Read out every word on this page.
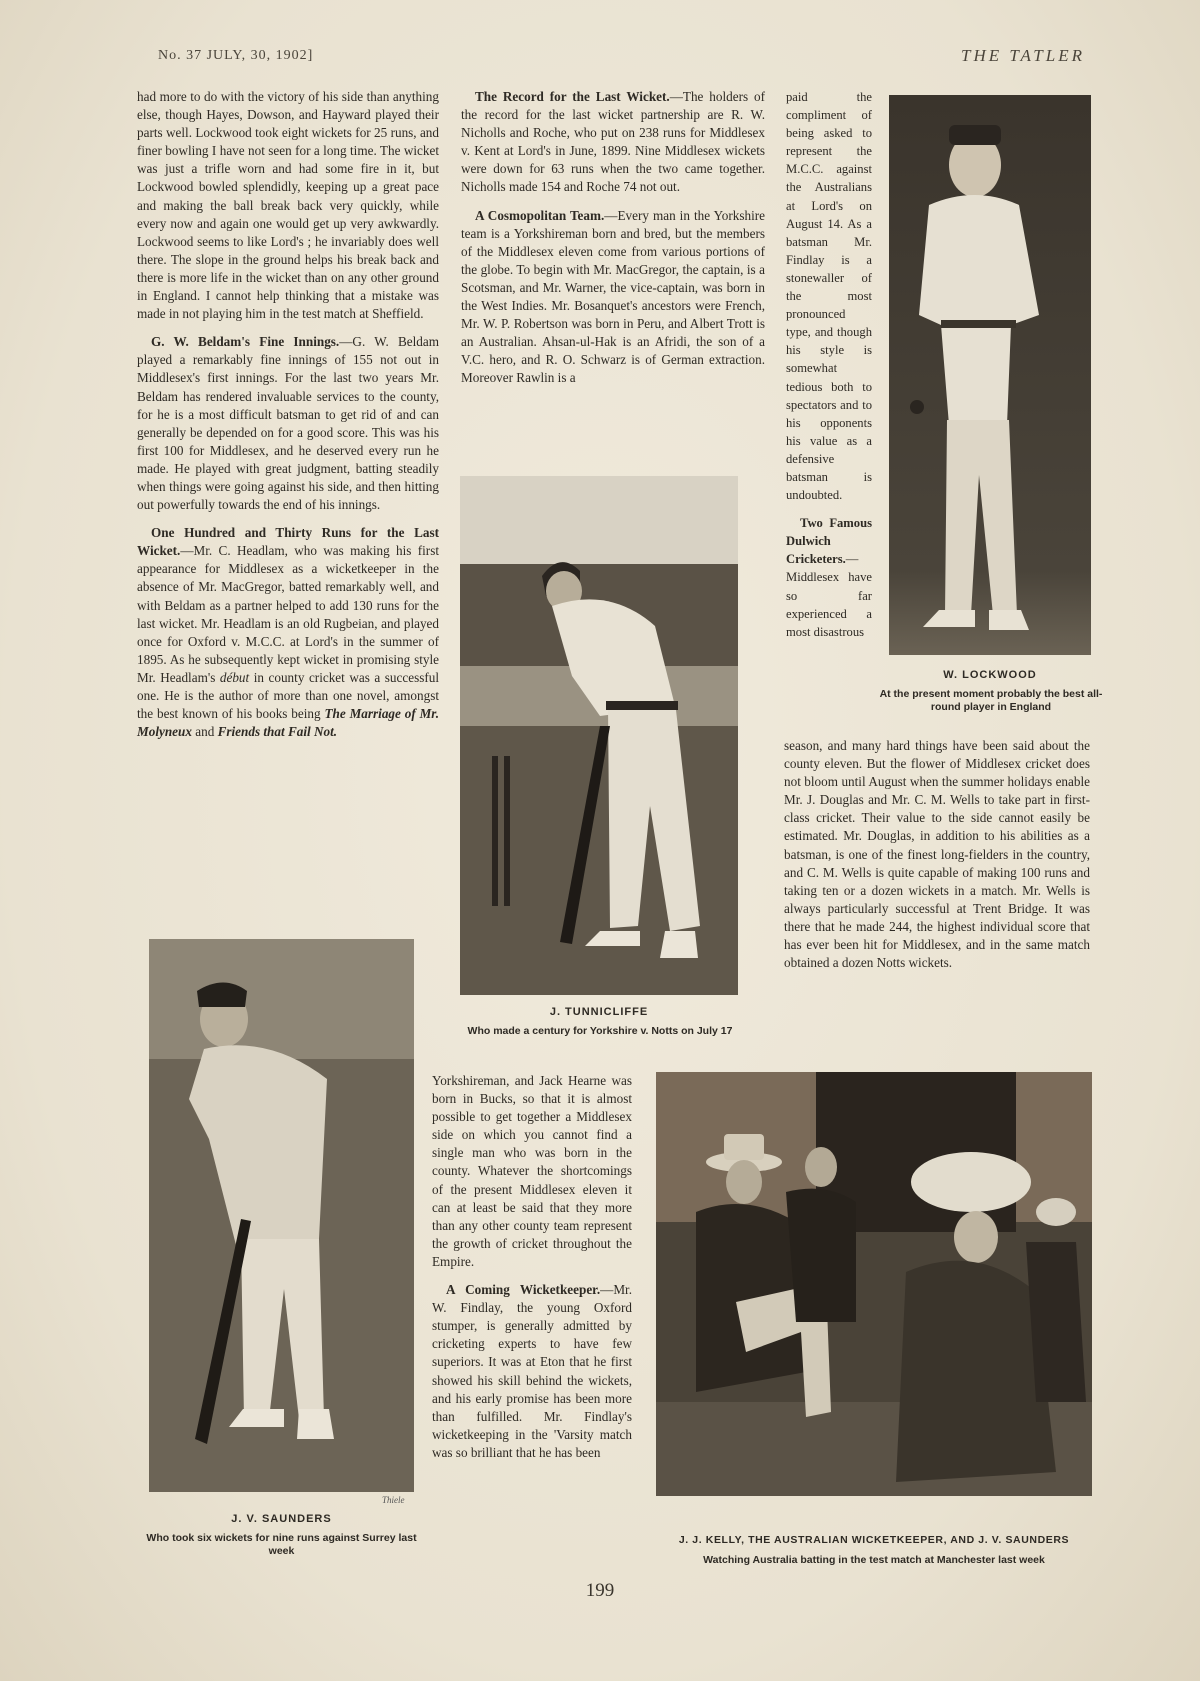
No. 37 JULY, 30, 1902]	THE TATLER

had more to do with the victory of his side than anything else, though Hayes, Dowson, and Hayward played their parts well. Lockwood took eight wickets for 25 runs, and finer bowling I have not seen for a long time. The wicket was just a trifle worn and had some fire in it, but Lockwood bowled splendidly, keeping up a great pace and making the ball break back very quickly, while every now and again one would get up very awkwardly. Lockwood seems to like Lord's ; he invariably does well there. The slope in the ground helps his break back and there is more life in the wicket than on any other ground in England. I cannot help thinking that a mistake was made in not playing him in the test match at Sheffield.

G. W. Beldam's Fine Innings.—G. W. Beldam played a remarkably fine innings of 155 not out in Middlesex's first innings. For the last two years Mr. Beldam has rendered invaluable services to the county, for he is a most difficult batsman to get rid of and can generally be depended on for a good score. This was his first 100 for Middlesex, and he deserved every run he made. He played with great judgment, batting steadily when things were going against his side, and then hitting out powerfully towards the end of his innings.

One Hundred and Thirty Runs for the Last Wicket.—Mr. C. Headlam, who was making his first appearance for Middlesex as a wicketkeeper in the absence of Mr. MacGregor, batted remarkably well, and with Beldam as a partner helped to add 130 runs for the last wicket. Mr. Headlam is an old Rugbeian, and played once for Oxford v. M.C.C. at Lord's in the summer of 1895. As he subsequently kept wicket in promising style Mr. Headlam's début in county cricket was a successful one. He is the author of more than one novel, amongst the best known of his books being The Marriage of Mr. Molyneux and Friends that Fail Not.

The Record for the Last Wicket.—The holders of the record for the last wicket partnership are R. W. Nicholls and Roche, who put on 238 runs for Middlesex v. Kent at Lord's in June, 1899. Nine Middlesex wickets were down for 63 runs when the two came together. Nicholls made 154 and Roche 74 not out.

A Cosmopolitan Team.—Every man in the Yorkshire team is a Yorkshireman born and bred, but the members of the Middlesex eleven come from various portions of the globe. To begin with Mr. MacGregor, the captain, is a Scotsman, and Mr. Warner, the vice-captain, was born in the West Indies. Mr. Bosanquet's ancestors were French, Mr. W. P. Robertson was born in Peru, and Albert Trott is an Australian. Ahsan-ul-Hak is an Afridi, the son of a V.C. hero, and R. O. Schwarz is of German extraction. Moreover Rawlin is a

Yorkshireman, and Jack Hearne was born in Bucks, so that it is almost possible to get together a Middlesex side on which you cannot find a single man who was born in the county. Whatever the shortcomings of the present Middlesex eleven it can at least be said that they more than any other county team represent the growth of cricket throughout the Empire.

A Coming Wicketkeeper.—Mr. W. Findlay, the young Oxford stumper, is generally admitted by cricketing experts to have few superiors. It was at Eton that he first showed his skill behind the wickets, and his early promise has been more than fulfilled. Mr. Findlay's wicketkeeping in the 'Varsity match was so brilliant that he has been

paid the compliment of being asked to represent the M.C.C. against the Australians at Lord's on August 14. As a batsman Mr. Findlay is a stonewaller of the most pronounced type, and though his style is somewhat tedious both to spectators and to his opponents his value as a defensive batsman is undoubted.

Two Famous Dulwich Cricketers.—Middlesex have so far experienced a most disastrous

season, and many hard things have been said about the county eleven. But the flower of Middlesex cricket does not bloom until August when the summer holidays enable Mr. J. Douglas and Mr. C. M. Wells to take part in first-class cricket. Their value to the side cannot easily be estimated. Mr. Douglas, in addition to his abilities as a batsman, is one of the finest long-fielders in the country, and C. M. Wells is quite capable of making 100 runs and taking ten or a dozen wickets in a match. Mr. Wells is always particularly successful at Trent Bridge. It was there that he made 244, the highest individual score that has ever been hit for Middlesex, and in the same match obtained a dozen Notts wickets.

W. LOCKWOOD
At the present moment probably the best all-round player in England
J. TUNNICLIFFE
Who made a century for Yorkshire v. Notts on July 17
Thiele
J. V. SAUNDERS
Who took six wickets for nine runs against Surrey last week
J. J. KELLY, THE AUSTRALIAN WICKETKEEPER, AND J. V. SAUNDERS
Watching Australia batting in the test match at Manchester last week
199
